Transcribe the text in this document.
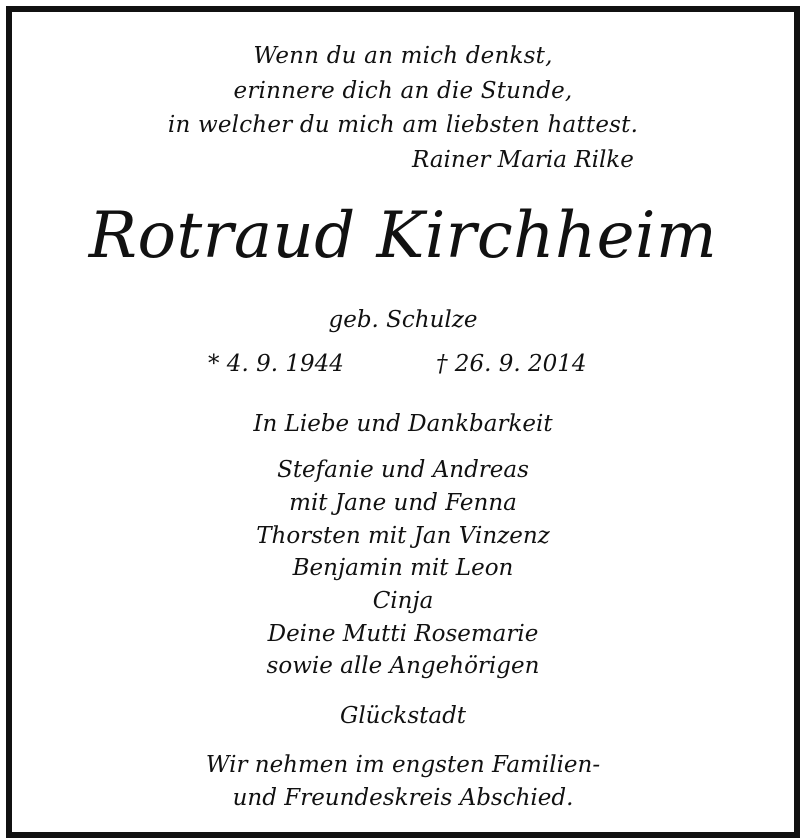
Wenn du an mich denkst,
erinnere dich an die Stunde,
in welcher du mich am liebsten hattest.
Rainer Maria Rilke
Rotraud Kirchheim
geb. Schulze
* 4. 9. 1944	† 26. 9. 2014
In Liebe und Dankbarkeit
Stefanie und Andreas
mit Jane und Fenna
Thorsten mit Jan Vinzenz
Benjamin mit Leon
Cinja
Deine Mutti Rosemarie
sowie alle Angehörigen
Glückstadt
Wir nehmen im engsten Familien-
und Freundeskreis Abschied.
